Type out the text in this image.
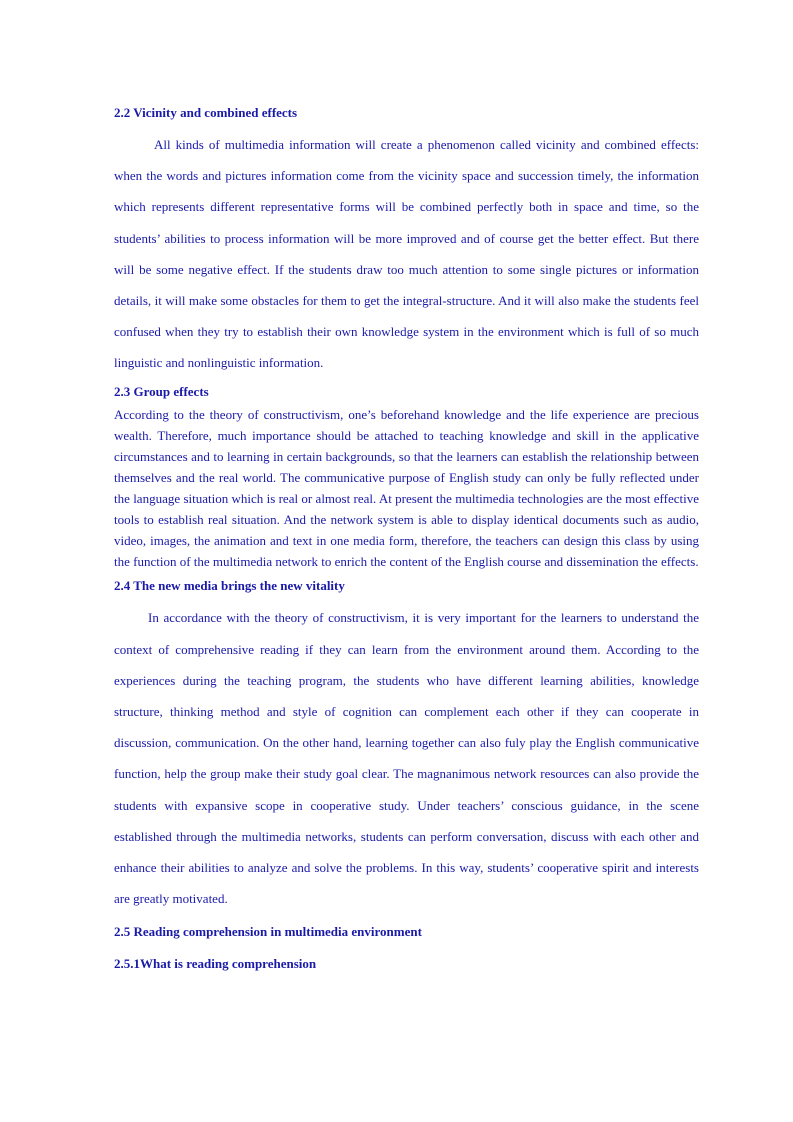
2.2 Vicinity and combined effects

All kinds of multimedia information will create a phenomenon called vicinity and combined effects: when the words and pictures information come from the vicinity space and succession timely, the information which represents different representative forms will be combined perfectly both in space and time, so the students’ abilities to process information will be more improved and of course get the better effect. But there will be some negative effect. If the students draw too much attention to some single pictures or information details, it will make some obstacles for them to get the integral-structure. And it will also make the students feel confused when they try to establish their own knowledge system in the environment which is full of so much linguistic and nonlinguistic information.

2.3 Group effects

According to the theory of constructivism, one’s beforehand knowledge and the life experience are precious wealth. Therefore, much importance should be attached to teaching knowledge and skill in the applicative circumstances and to learning in certain backgrounds, so that the learners can establish the relationship between themselves and the real world. The communicative purpose of English study can only be fully reflected under the language situation which is real or almost real. At present the multimedia technologies are the most effective tools to establish real situation. And the network system is able to display identical documents such as audio, video, images, the animation and text in one media form, therefore, the teachers can design this class by using the function of the multimedia network to enrich the content of the English course and dissemination the effects.

2.4 The new media brings the new vitality

In accordance with the theory of constructivism, it is very important for the learners to understand the context of comprehensive reading if they can learn from the environment around them. According to the experiences during the teaching program, the students who have different learning abilities, knowledge structure, thinking method and style of cognition can complement each other if they can cooperate in discussion, communication. On the other hand, learning together can also fuly play the English communicative function, help the group make their study goal clear. The magnanimous network resources can also provide the students with expansive scope in cooperative study. Under teachers’ conscious guidance, in the scene established through the multimedia networks, students can perform conversation, discuss with each other and enhance their abilities to analyze and solve the problems. In this way, students’ cooperative spirit and interests are greatly motivated.

2.5 Reading comprehension in multimedia environment

2.5.1What is reading comprehension
